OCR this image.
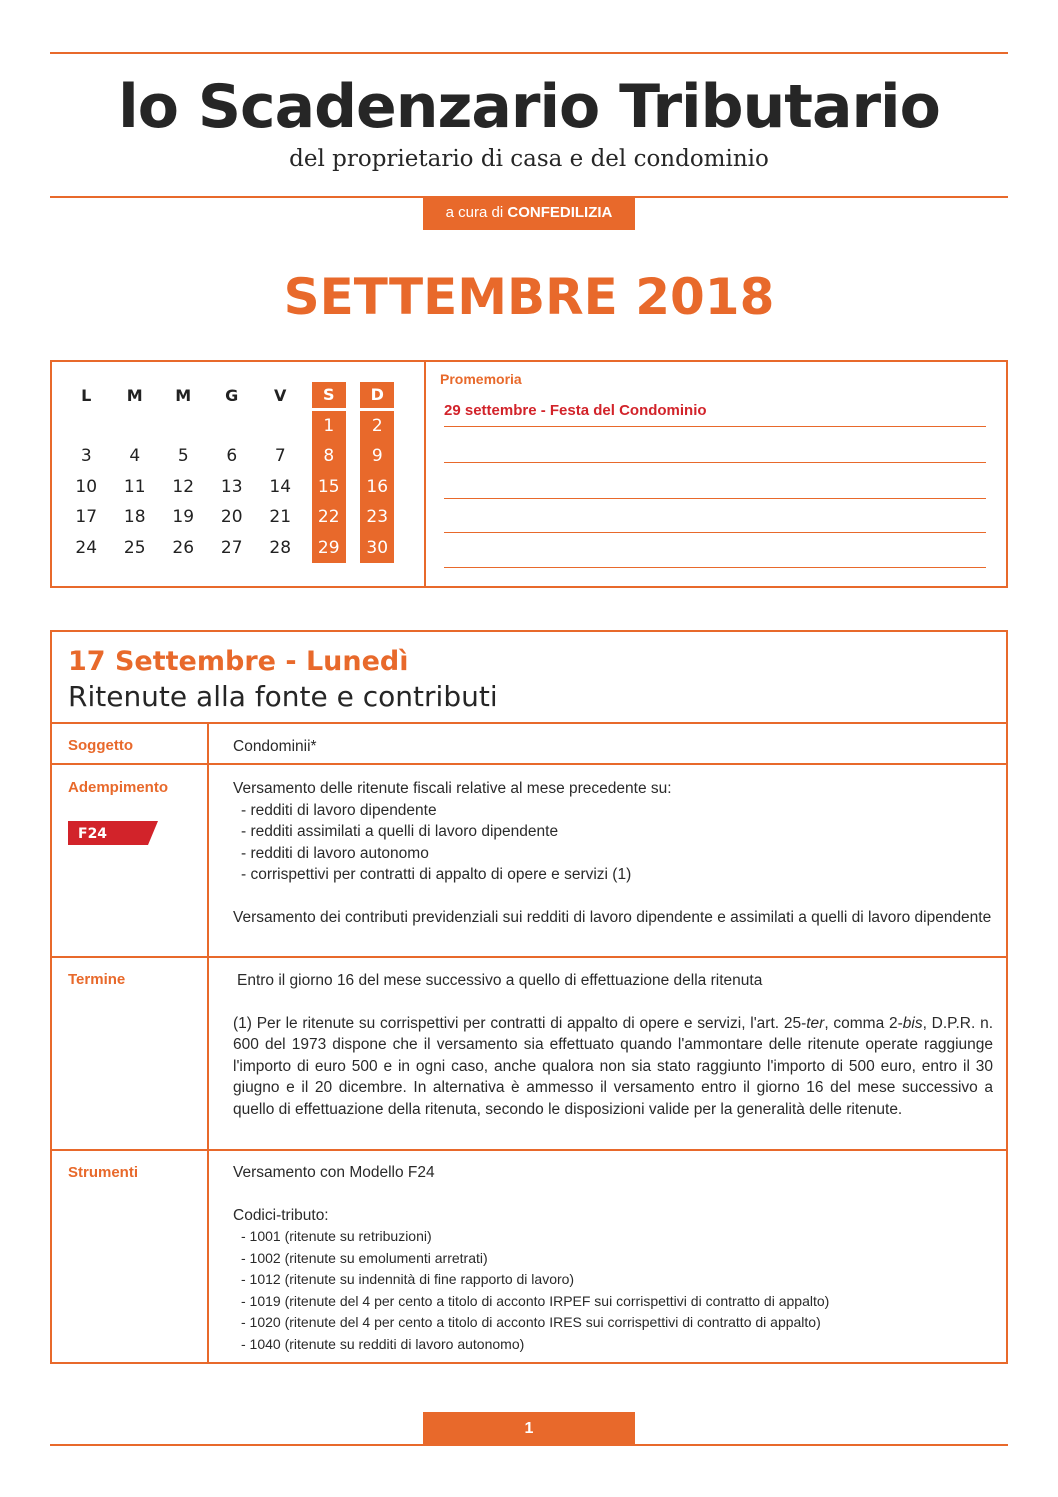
lo Scadenzario Tributario
del proprietario di casa e del condominio
a cura di CONFEDILIZIA
SETTEMBRE 2018
L	M	M	G	V	S	D

					1	2

3	4	5	6	7	8	9

10	11	12	13	14	15	16

17	18	19	20	21	22	23

24	25	26	27	28	29	30
Promemoria
29 settembre - Festa del Condominio
17 Settembre - Lunedì
Ritenute alla fonte e contributi
Soggetto	Condominii*

Adempimento
F24

Versamento delle ritenute fiscali relative al mese precedente su:

- redditi di lavoro dipendente

- redditi assimilati a quelli di lavoro dipendente

- redditi di lavoro autonomo

- corrispettivi per contratti di appalto di opere e servizi (1)

Versamento dei contributi previdenziali sui redditi di lavoro dipendente e assimilati a quelli di lavoro dipendente

Termine	Entro il giorno 16 del mese successivo a quello di effettuazione della ritenuta

(1) Per le ritenute su corrispettivi per contratti di appalto di opere e servizi, l'art. 25-ter, comma 2-bis, D.P.R. n. 600 del 1973 dispone che il versamento sia effettuato quando l'ammontare delle ritenute operate raggiunge l'importo di euro 500 e in ogni caso, anche qualora non sia stato raggiunto l'importo di 500 euro, entro il 30 giugno e il 20 dicembre. In alternativa è ammesso il versamento entro il giorno 16 del mese successivo a quello di effettuazione della ritenuta, secondo le disposizioni valide per la generalità delle ritenute.

Strumenti	Versamento con Modello F24

Codici-tributo:

- 1001 (ritenute su retribuzioni)

- 1002 (ritenute su emolumenti arretrati)

- 1012 (ritenute su indennità di fine rapporto di lavoro)

- 1019 (ritenute del 4 per cento a titolo di acconto IRPEF sui corrispettivi di contratto di appalto)

- 1020 (ritenute del 4 per cento a titolo di acconto IRES sui corrispettivi di contratto di appalto)

- 1040 (ritenute su redditi di lavoro autonomo)

1
